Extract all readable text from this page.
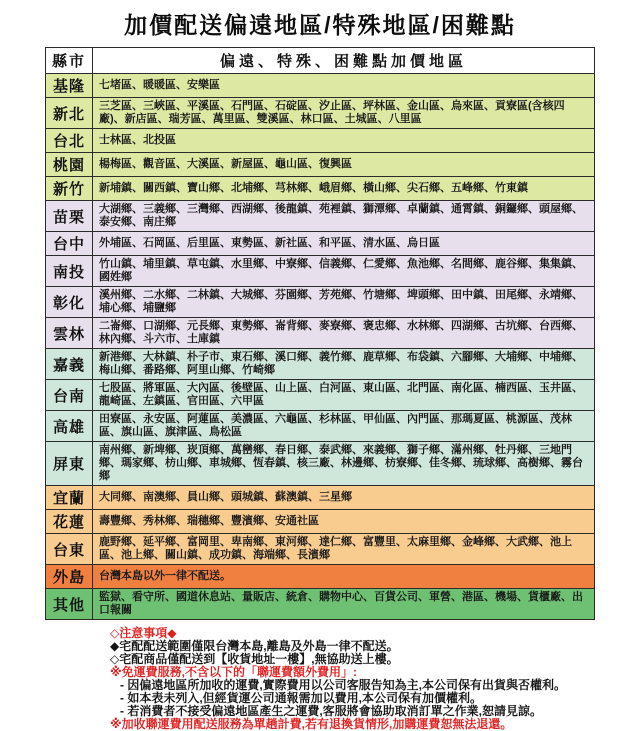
加價配送偏遠地區/特殊地區/困難點
縣市	偏遠、特殊、困難點加價地區
基隆	七堵區、暖暖區、安樂區
新北	三芝區、三峽區、平溪區、石門區、石碇區、汐止區、坪林區、金山區、烏來區、貢寮區(含核四廠)、新店區、瑞芳區、萬里區、雙溪區、林口區、土城區、八里區
台北	士林區、北投區
桃園	楊梅區、觀音區、大溪區、新屋區、龜山區、復興區
新竹	新埔鎮、關西鎮、寶山鄉、北埔鄉、芎林鄉、峨眉鄉、橫山鄉、尖石鄉、五峰鄉、竹東鎮
苗栗	大湖鄉、三義鄉、三灣鄉、西湖鄉、後龍鎮、苑裡鎮、獅潭鄉、卓蘭鎮、通霄鎮、銅鑼鄉、頭屋鄉、泰安鄉、南庄鄉
台中	外埔區、石岡區、后里區、東勢區、新社區、和平區、清水區、烏日區
南投	竹山鎮、埔里鎮、草屯鎮、水里鄉、中寮鄉、信義鄉、仁愛鄉、魚池鄉、名間鄉、鹿谷鄉、集集鎮、國姓鄉
彰化	溪州鄉、二水鄉、二林鎮、大城鄉、芬園鄉、芳苑鄉、竹塘鄉、埤頭鄉、田中鎮、田尾鄉、永靖鄉、埔心鄉、埔鹽鄉
雲林	二崙鄉、口湖鄉、元長鄉、東勢鄉、崙背鄉、麥寮鄉、褒忠鄉、水林鄉、四湖鄉、古坑鄉、台西鄉、林內鄉、斗六市、土庫鎮
嘉義	新港鄉、大林鎮、朴子市、東石鄉、溪口鄉、義竹鄉、鹿草鄉、布袋鎮、六腳鄉、大埔鄉、中埔鄉、梅山鄉、番路鄉、阿里山鄉、竹崎鄉
台南	七股區、將軍區、大內區、後壁區、山上區、白河區、東山區、北門區、南化區、楠西區、玉井區、龍崎區、左鎮區、官田區、六甲區
高雄	田寮區、永安區、阿蓮區、美濃區、六龜區、杉林區、甲仙區、內門區、那瑪夏區、桃源區、茂林區、旗山區、旗津區、鳥松區
屏東	南州鄉、新埤鄉、崁頂鄉、萬巒鄉、春日鄉、泰武鄉、來義鄉、獅子鄉、滿州鄉、牡丹鄉、三地門鄉、瑪家鄉、枋山鄉、車城鄉、恆春鎮、核三廠、林邊鄉、枋寮鄉、佳冬鄉、琉球鄉、高樹鄉、霧台鄉
宜蘭	大同鄉、南澳鄉、員山鄉、頭城鎮、蘇澳鎮、三星鄉
花蓮	壽豐鄉、秀林鄉、瑞穗鄉、豐濱鄉、安通社區
台東	鹿野鄉、延平鄉、富岡里、卑南鄉、東河鄉、達仁鄉、富豐里、太麻里鄉、金峰鄉、大武鄉、池上區、池上鄉、關山鎮、成功鎮、海端鄉、長濱鄉
外島	台灣本島以外一律不配送。
其他	監獄、看守所、國道休息站、量販店、統倉、購物中心、百貨公司、軍營、港區、機場、貨櫃廠、出口報關
◇注意事項◆
◆宅配配送範圍僅限台灣本島,離島及外島一律不配送。
◇宅配商品僅配送到【收貨地址一樓】,無協助送上樓。
※免運費服務,不含以下的「聯運費額外費用」:
- 因偏遠地區所加收的運費,實際費用以公司客服告知為主,本公司保有出貨與否權利。
- 如本表未列入,但經貨運公司通報需加以費用,本公司保有加價權利。
- 若消費者不接受偏遠地區產生之運費,客服將會協助取消訂單之作業,恕請見諒。
※加收聯運費用配送服務為單趟計費,若有退換貨情形,加購運費恕無法退還。
